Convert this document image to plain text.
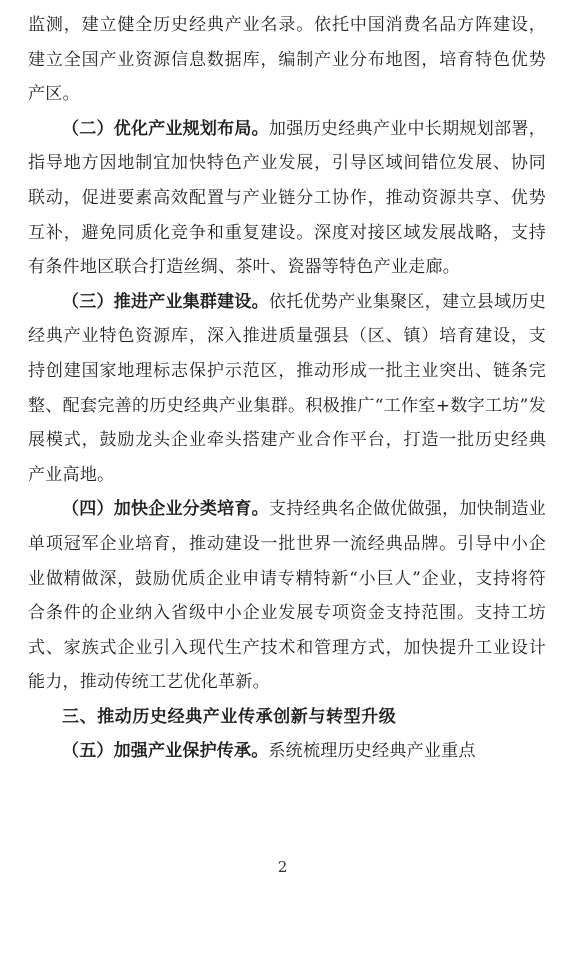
监测，建立健全历史经典产业名录。依托中国消费名品方阵建设，建立全国产业资源信息数据库，编制产业分布地图，培育特色优势产区。

（二）优化产业规划布局。加强历史经典产业中长期规划部署，指导地方因地制宜加快特色产业发展，引导区域间错位发展、协同联动，促进要素高效配置与产业链分工协作，推动资源共享、优势互补，避免同质化竞争和重复建设。深度对接区域发展战略，支持有条件地区联合打造丝绸、茶叶、瓷器等特色产业走廊。

（三）推进产业集群建设。依托优势产业集聚区，建立县域历史经典产业特色资源库，深入推进质量强县（区、镇）培育建设，支持创建国家地理标志保护示范区，推动形成一批主业突出、链条完整、配套完善的历史经典产业集群。积极推广“工作室+数字工坊”发展模式，鼓励龙头企业牵头搭建产业合作平台，打造一批历史经典产业高地。

（四）加快企业分类培育。支持经典名企做优做强，加快制造业单项冠军企业培育，推动建设一批世界一流经典品牌。引导中小企业做精做深，鼓励优质企业申请专精特新“小巨人”企业，支持将符合条件的企业纳入省级中小企业发展专项资金支持范围。支持工坊式、家族式企业引入现代生产技术和管理方式，加快提升工业设计能力，推动传统工艺优化革新。

三、推动历史经典产业传承创新与转型升级

（五）加强产业保护传承。系统梳理历史经典产业重点

2
